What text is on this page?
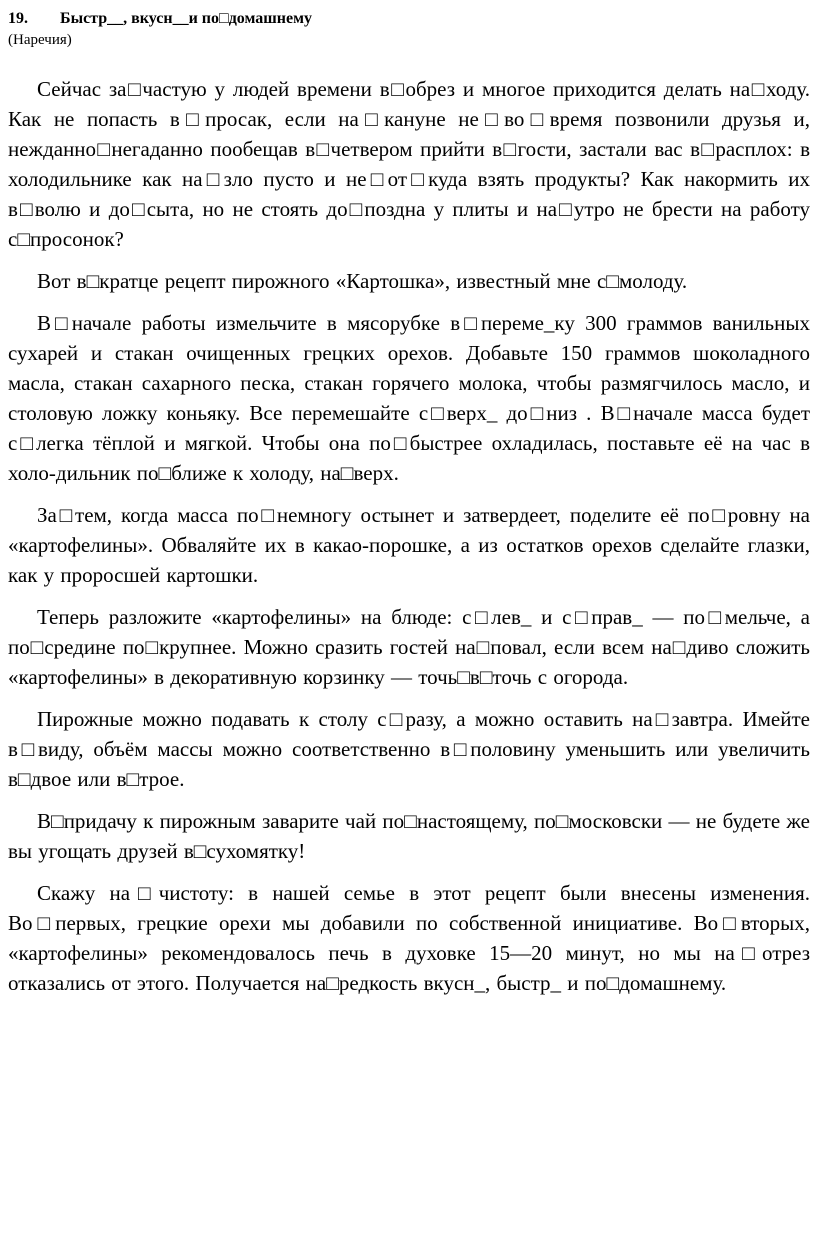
19. Быстр__, вкусн__и по□домашнему
(Наречия)

Сейчас за□частую у людей времени в□обрез и многое приходится делать на□ходу. Как не попасть в□просак, если на□кануне не□во□время позвонили друзья и, нежданно□негаданно пообещав в□четвером прийти в□гости, застали вас в□расплох: в холодильнике как на□зло пусто и не□от□куда взять продукты? Как накормить их в□волю и до□сыта, но не стоять до□поздна у плиты и на□утро не брести на работу с□просонок?

Вот в□кратце рецепт пирожного «Картошка», известный мне с□молоду.

В□начале работы измельчите в мясорубке в□переме_ку 300 граммов ванильных сухарей и стакан очищенных грецких орехов. Добавьте 150 граммов шоколадного масла, стакан сахарного песка, стакан горячего молока, чтобы размягчилось масло, и столовую ложку коньяку. Все перемешайте с□верх_ до□низ . В□начале масса будет с□легка тёплой и мягкой. Чтобы она по□быстрее охладилась, поставьте её на час в холо-дильник по□ближе к холоду, на□верх.

За□тем, когда масса по□немногу остынет и затвердеет, поделите её по□ровну на «картофелины». Обваляйте их в какао-порошке, а из остатков орехов сделайте глазки, как у проросшей картошки.

Теперь разложите «картофелины» на блюде: с□лев_ и с□прав_ — по□мельче, а по□средине по□крупнее. Можно сразить гостей на□повал, если всем на□диво сложить «картофелины» в декоративную корзинку — точь□в□точь с огорода.

Пирожные можно подавать к столу с□разу, а можно оставить на□завтра. Имейте в□виду, объём массы можно соответственно в□половину уменьшить или увеличить в□двое или в□трое.

В□придачу к пирожным заварите чай по□настоящему, по□московски — не будете же вы угощать друзей в□сухомятку!

Скажу на□чистоту: в нашей семье в этот рецепт были внесены изменения. Во□первых, грецкие орехи мы добавили по собственной инициативе. Во□вторых, «картофелины» рекомендовалось печь в духовке 15—20 минут, но мы на□отрез отказались от этого. Получается на□редкость вкусн_, быстр_ и по□домашнему.
